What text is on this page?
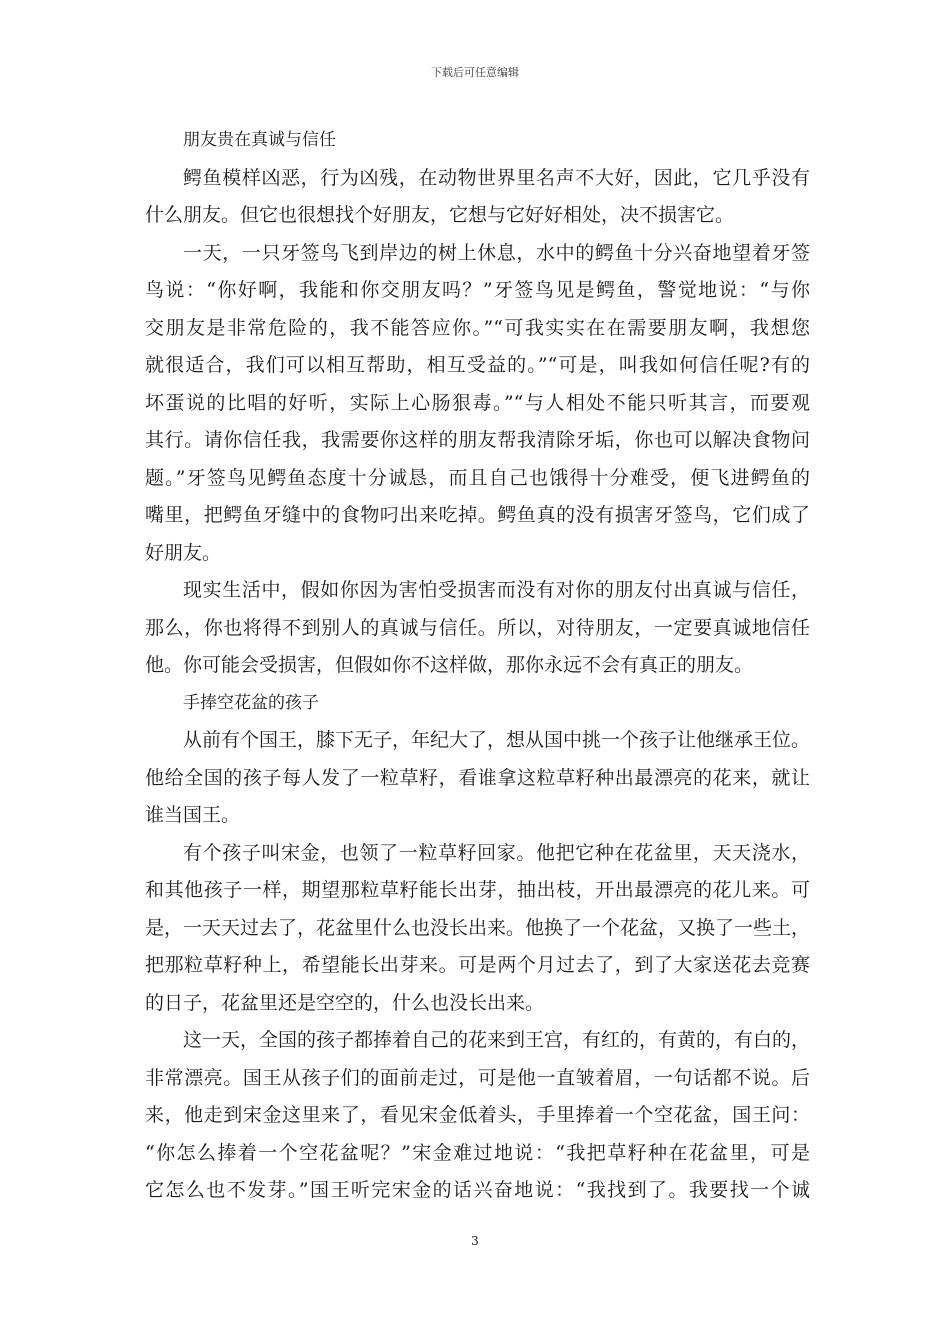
下载后可任意编辑
朋友贵在真诚与信任
鳄鱼模样凶恶，行为凶残，在动物世界里名声不大好，因此，它几乎没有
什么朋友。但它也很想找个好朋友，它想与它好好相处，决不损害它。
一天，一只牙签鸟飞到岸边的树上休息，水中的鳄鱼十分兴奋地望着牙签
鸟说：“你好啊，我能和你交朋友吗？”牙签鸟见是鳄鱼，警觉地说：“与你
交朋友是非常危险的，我不能答应你。”“可我实实在在需要朋友啊，我想您
就很适合，我们可以相互帮助，相互受益的。”“可是，叫我如何信任呢?有的
坏蛋说的比唱的好听，实际上心肠狠毒。”“与人相处不能只听其言，而要观
其行。请你信任我，我需要你这样的朋友帮我清除牙垢，你也可以解决食物问
题。”牙签鸟见鳄鱼态度十分诚恳，而且自己也饿得十分难受，便飞进鳄鱼的
嘴里，把鳄鱼牙缝中的食物叼出来吃掉。鳄鱼真的没有损害牙签鸟，它们成了
好朋友。
现实生活中，假如你因为害怕受损害而没有对你的朋友付出真诚与信任，
那么，你也将得不到别人的真诚与信任。所以，对待朋友，一定要真诚地信任
他。你可能会受损害，但假如你不这样做，那你永远不会有真正的朋友。
手捧空花盆的孩子
从前有个国王，膝下无子，年纪大了，想从国中挑一个孩子让他继承王位。
他给全国的孩子每人发了一粒草籽，看谁拿这粒草籽种出最漂亮的花来，就让
谁当国王。
有个孩子叫宋金，也领了一粒草籽回家。他把它种在花盆里，天天浇水，
和其他孩子一样，期望那粒草籽能长出芽，抽出枝，开出最漂亮的花儿来。可
是，一天天过去了，花盆里什么也没长出来。他换了一个花盆，又换了一些土，
把那粒草籽种上，希望能长出芽来。可是两个月过去了，到了大家送花去竞赛
的日子，花盆里还是空空的，什么也没长出来。
这一天，全国的孩子都捧着自己的花来到王宫，有红的，有黄的，有白的，
非常漂亮。国王从孩子们的面前走过，可是他一直皱着眉，一句话都不说。后
来，他走到宋金这里来了，看见宋金低着头，手里捧着一个空花盆，国王问：
“你怎么捧着一个空花盆呢？”宋金难过地说：“我把草籽种在花盆里，可是
它怎么也不发芽。”国王听完宋金的话兴奋地说：“我找到了。我要找一个诚
3
